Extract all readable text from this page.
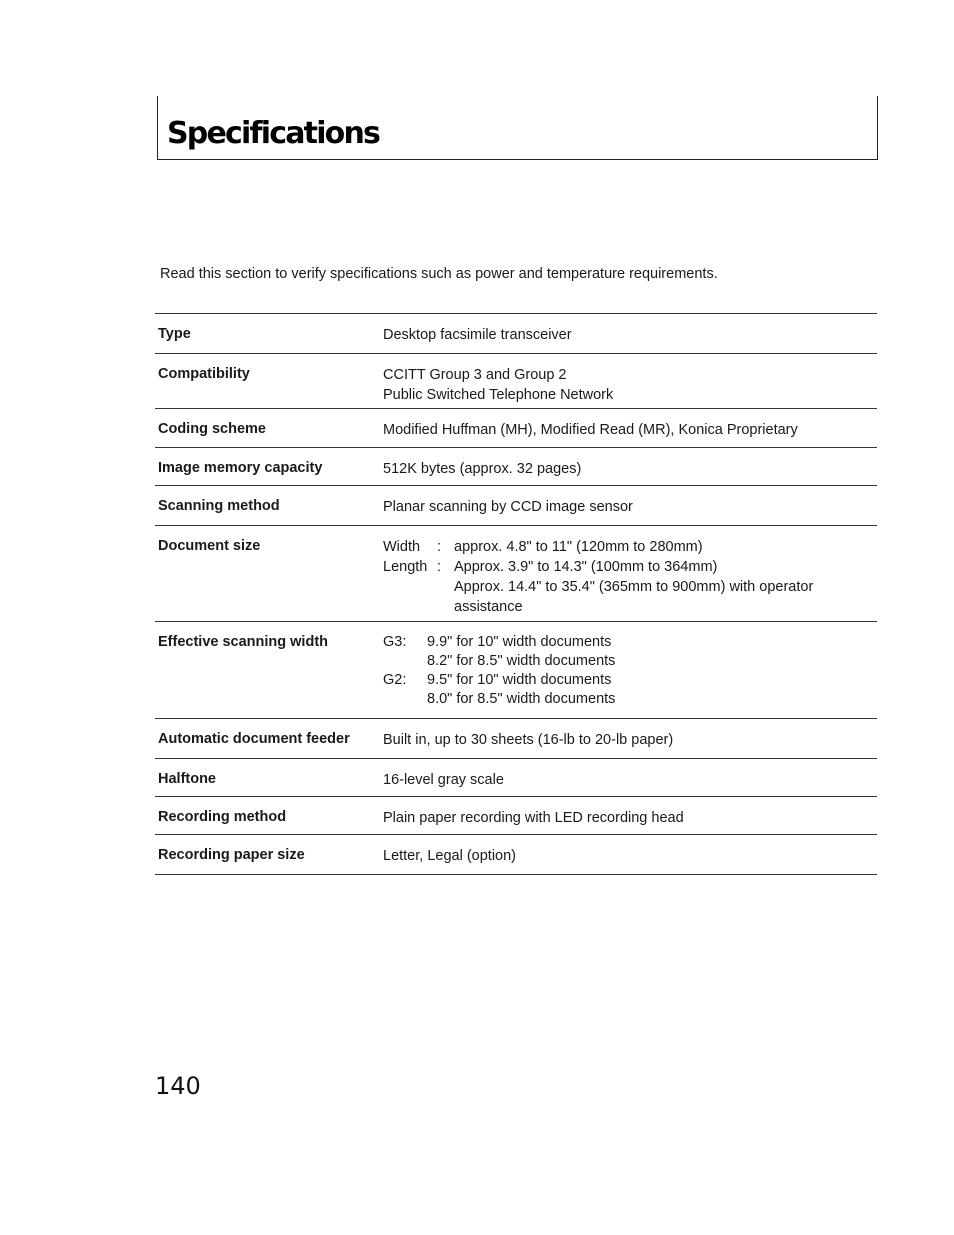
Specifications

Read this section to verify specifications such as power and temperature requirements.

Type	Desktop facsimile transceiver
Compatibility	CCITT Group 3 and Group 2
Public Switched Telephone Network
Coding scheme	Modified Huffman (MH), Modified Read (MR), Konica Proprietary
Image memory capacity	512K bytes (approx. 32 pages)
Scanning method	Planar scanning by CCD image sensor
Document size	Width	: approx. 4.8" to 11" (120mm to 280mm)
Length : Approx. 3.9" to 14.3" (100mm to 364mm)
Approx. 14.4" to 35.4" (365mm to 900mm) with operator
assistance
Effective scanning width	G3:	9.9" for 10" width documents
8.2" for 8.5" width documents
G2:	9.5" for 10" width documents
8.0" for 8.5" width documents
Automatic document feeder	Built in, up to 30 sheets (16-lb to 20-lb paper)
Halftone	16-level gray scale
Recording method	Plain paper recording with LED recording head
Recording paper size	Letter, Legal (option)

140
